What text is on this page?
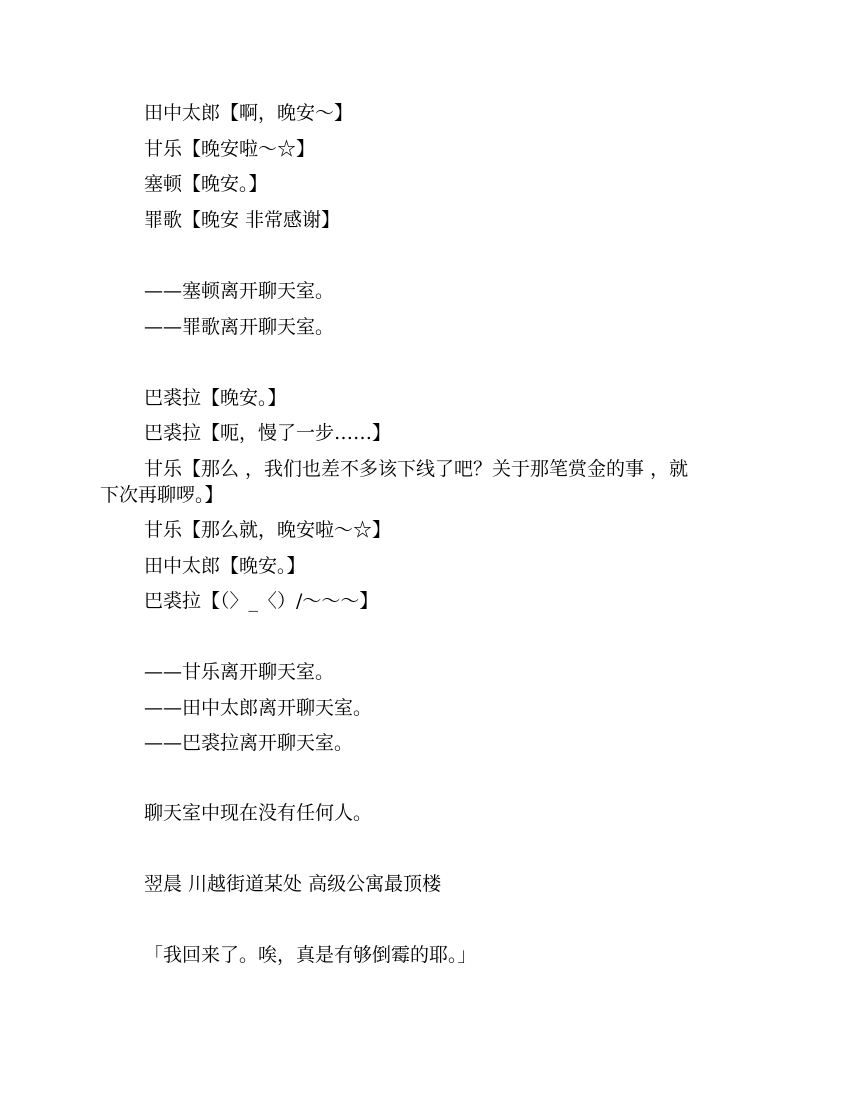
田中太郎【啊，晚安～】
甘乐【晚安啦～☆】
塞顿【晚安。】
罪歌【晚安 非常感谢】
——塞顿离开聊天室。
——罪歌离开聊天室。
巴裘拉【晚安。】
巴裘拉【呃，慢了一步……】
甘乐【那么 ，我们也差不多该下线了吧？关于那笔赏金的事 ，就
下次再聊啰。】
甘乐【那么就，晚安啦～☆】
田中太郎【晚安。】
巴裘拉【（〉_〈）/～～～】
——甘乐离开聊天室。
——田中太郎离开聊天室。
——巴裘拉离开聊天室。
聊天室中现在没有任何人。
翌晨 川越街道某处 高级公寓最顶楼
「我回来了。唉，真是有够倒霉的耶。」
